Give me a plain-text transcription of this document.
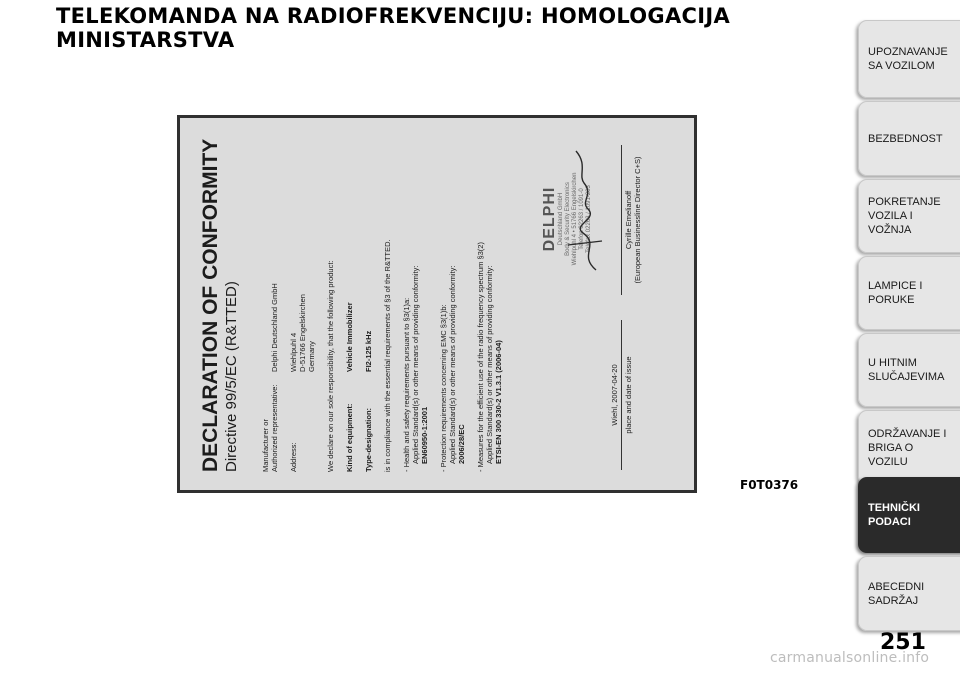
TELEKOMANDA NA RADIOFREKVENCIJU: HOMOLOGACIJA
MINISTARSTVA
DECLARATION OF CONFORMITY Directive 99/5/EC (R&TTED)	Manufacturer or Authorized representative:
Delphi Deutschland GmbH
Address:
Wiehlpuhl 4 D-51766 Engelskirchen Germany We declare on our sole responsibility, that the following product: Kind of equipment:
Vehicle Immobilizer
Type-designation:
FI2-125 kHz is in compliance with the essential requirements of §3 of the R&TTED. - Health and safety requirements pursuant to §3(1)a: Applied Standard(s) or other means of providing conformity: EN60950-1:2001 - Protection requirements concerning EMC §3(1)b: Applied Standard(s) or other means of providing conformity: 2006/28/EC - Measures for the efficient use of the radio frequency spectrum §3(2) Applied Standard(s) or other means of providing conformity: ETSI-EN 300 330-2 V1.3.1 (2006-04)	Wiehl, 2007-04-20 place and date of issue
DELPHI Deutschland GmbH Body & Security Electronics Wiehlpuhl 4 • 51766 Engelskirchen Telefon 02263 / 1091-0 Telefax 02263 / 1091-203	Cyrille Emelianoff (European Businessline Director C+S)
F0T0376
UPOZNAVANJE SA VOZILOM
BEZBEDNOST
POKRETANJE VOZILA I VOŽNJA
LAMPICE I PORUKE
U HITNIM SLUČAJEVIMA
ODRŽAVANJE I BRIGA O VOZILU
TEHNIČKI PODACI
ABECEDNI SADRŽAJ
251
carmanualsonline.info
